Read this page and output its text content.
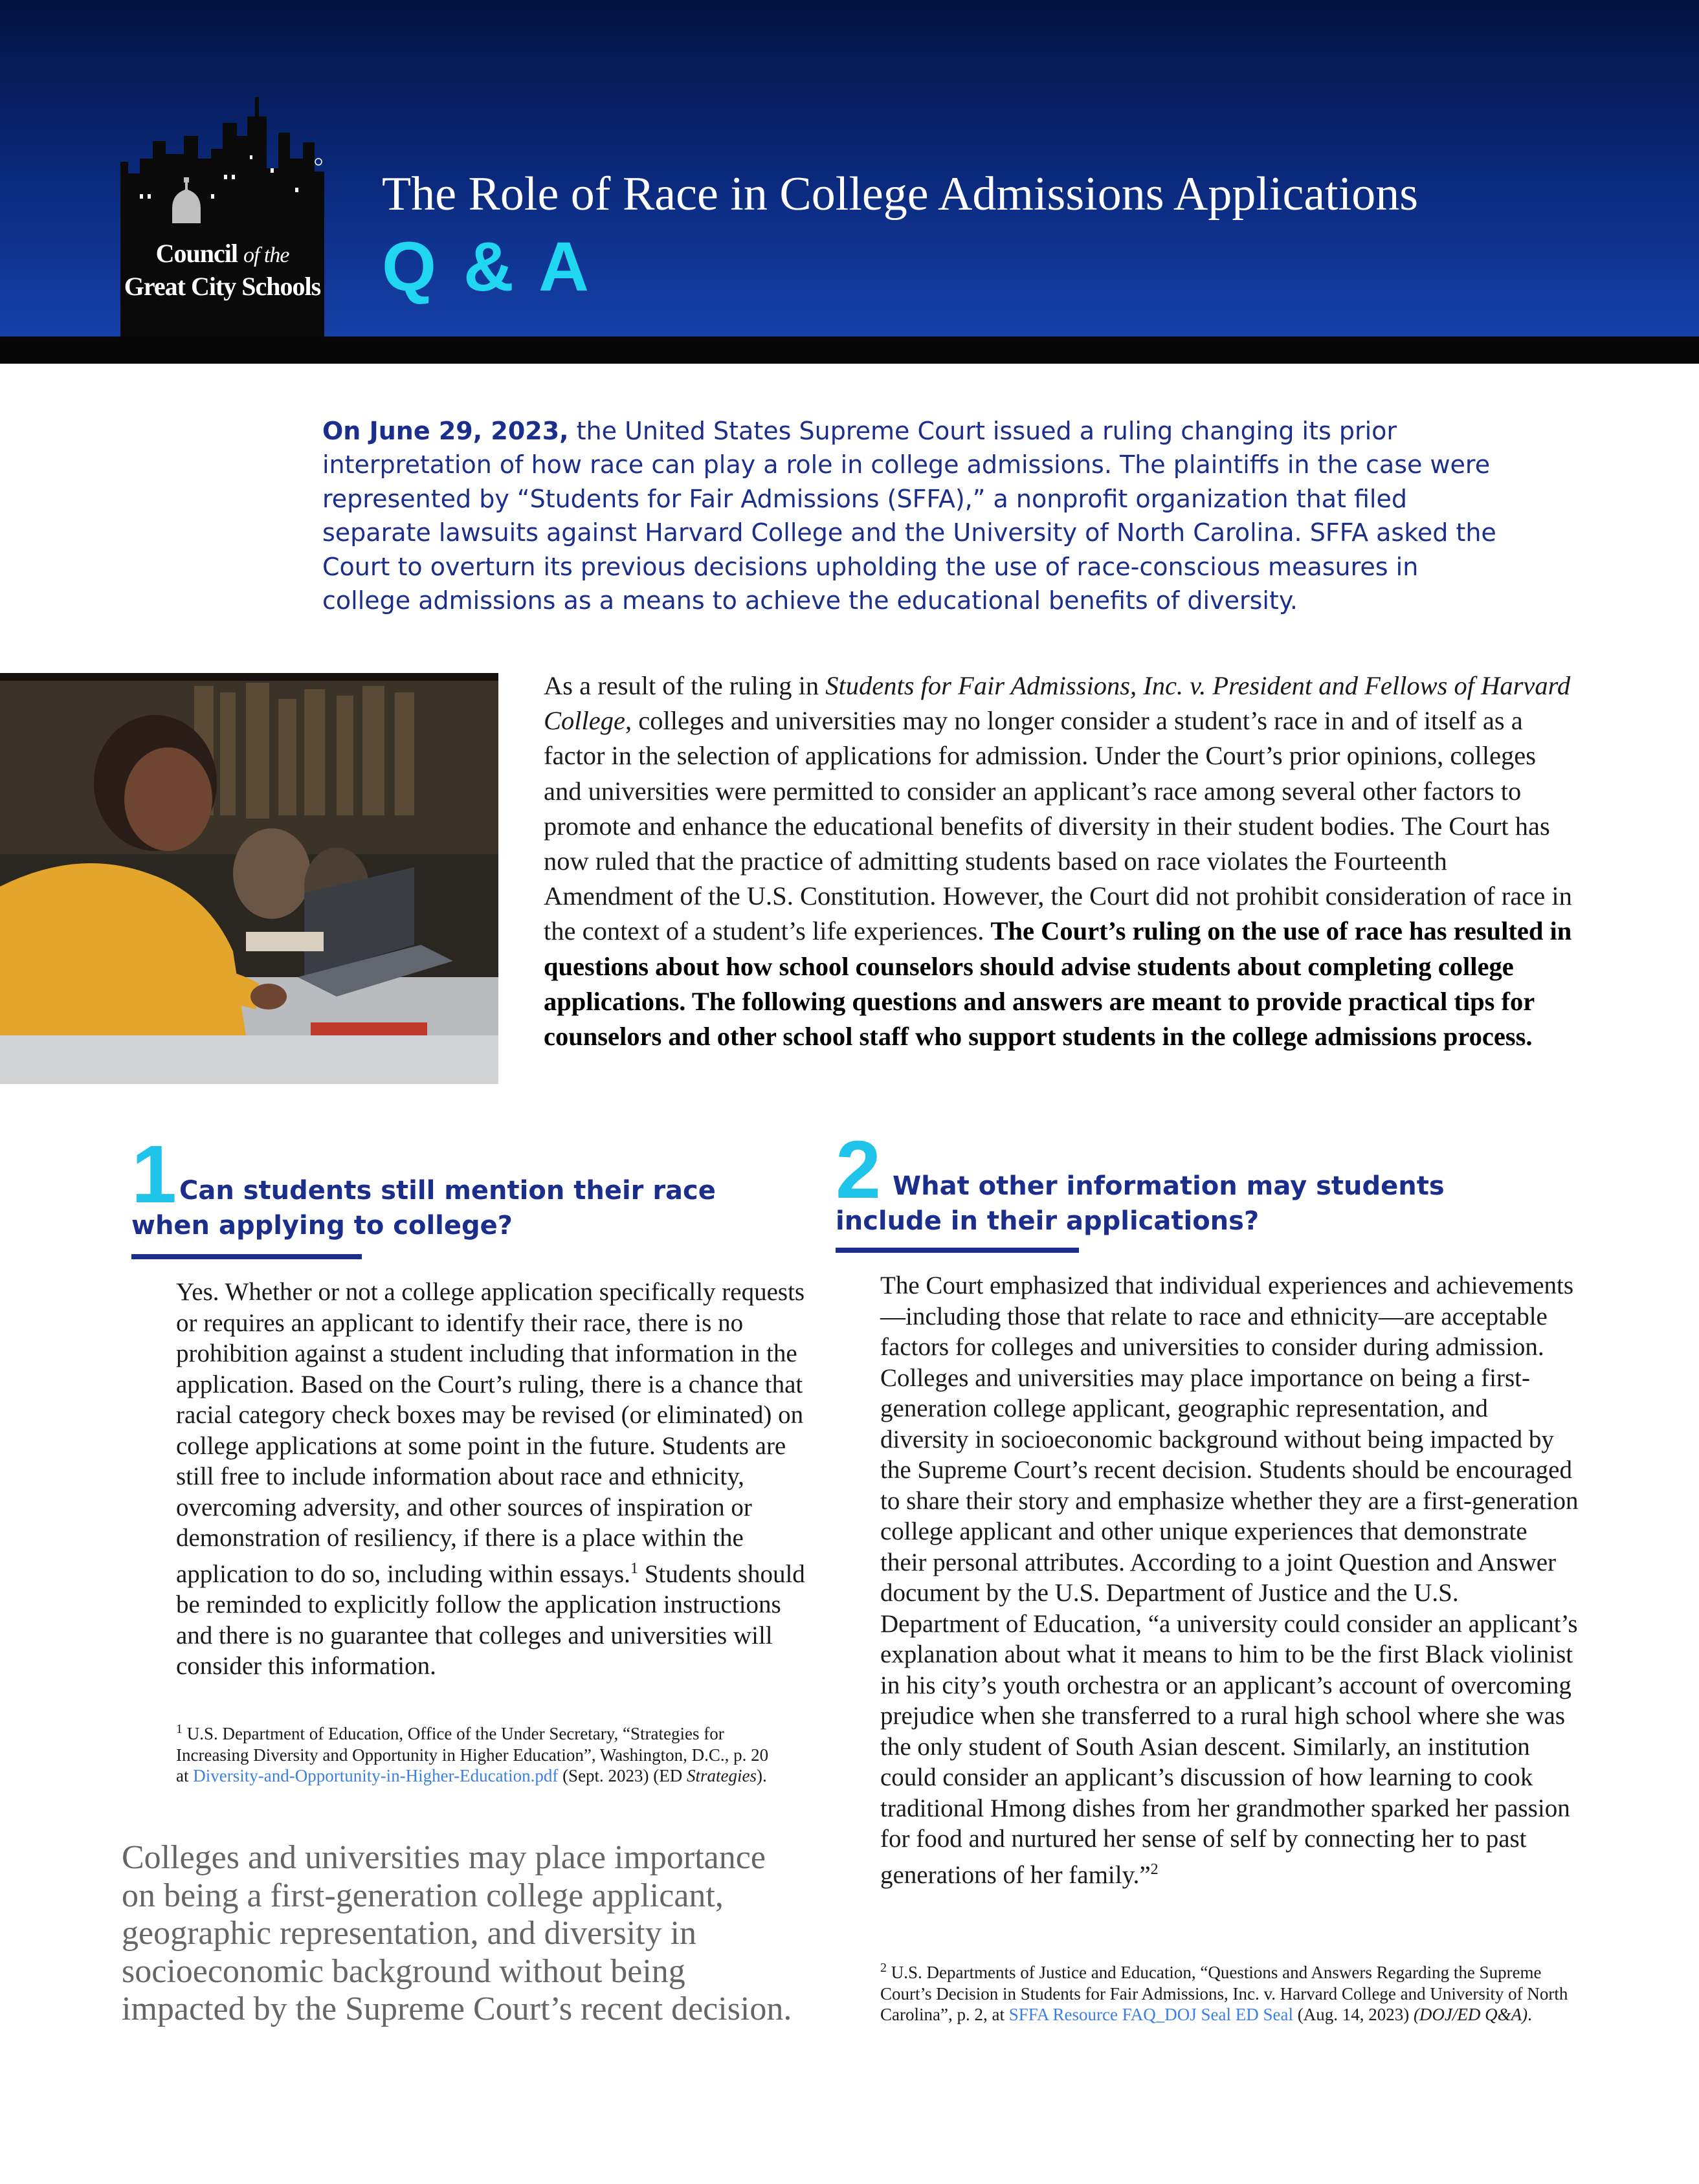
Council of the
Great City Schools
The Role of Race in College Admissions Applications
Q & A
On June 29, 2023, the United States Supreme Court issued a ruling changing its prior interpretation of how race can play a role in college admissions. The plaintiffs in the case were represented by “Students for Fair Admissions (SFFA),” a nonprofit organization that filed separate lawsuits against Harvard College and the University of North Carolina. SFFA asked the Court to overturn its previous decisions upholding the use of race-conscious measures in college admissions as a means to achieve the educational benefits of diversity.
As a result of the ruling in Students for Fair Admissions, Inc. v. President and Fellows of Harvard College, colleges and universities may no longer consider a student’s race in and of itself as a factor in the selection of applications for admission. Under the Court’s prior opinions, colleges and universities were permitted to consider an applicant’s race among several other factors to promote and enhance the educational benefits of diversity in their student bodies. The Court has now ruled that the practice of admitting students based on race violates the Fourteenth Amendment of the U.S. Constitution. However, the Court did not prohibit consideration of race in the context of a student’s life experiences. The Court’s ruling on the use of race has resulted in questions about how school counselors should advise students about completing college applications. The following questions and answers are meant to provide practical tips for counselors and other school staff who support students in the college admissions process.
1 Can students still mention their race when applying to college?
Yes. Whether or not a college application specifically requests or requires an applicant to identify their race, there is no prohibition against a student including that information in the application. Based on the Court’s ruling, there is a chance that racial category check boxes may be revised (or eliminated) on college applications at some point in the future. Students are still free to include information about race and ethnicity, overcoming adversity, and other sources of inspiration or demonstration of resiliency, if there is a place within the application to do so, including within essays.$^1$ Students should be reminded to explicitly follow the application instructions and there is no guarantee that colleges and universities will consider this information.
$^1$ U.S. Department of Education, Office of the Under Secretary, “Strategies for Increasing Diversity and Opportunity in Higher Education”, Washington, D.C., p. 20 at Diversity-and-Opportunity-in-Higher-Education.pdf (Sept. 2023) (ED Strategies).
Colleges and universities may place importance on being a first-generation college applicant, geographic representation, and diversity in socioeconomic background without being impacted by the Supreme Court’s recent decision.
2 What other information may students include in their applications?
The Court emphasized that individual experiences and achievements—including those that relate to race and ethnicity—are acceptable factors for colleges and universities to consider during admission. Colleges and universities may place importance on being a first-generation college applicant, geographic representation, and diversity in socioeconomic background without being impacted by the Supreme Court’s recent decision. Students should be encouraged to share their story and emphasize whether they are a first-generation college applicant and other unique experiences that demonstrate their personal attributes. According to a joint Question and Answer document by the U.S. Department of Justice and the U.S. Department of Education, “a university could consider an applicant’s explanation about what it means to him to be the first Black violinist in his city’s youth orchestra or an applicant’s account of overcoming prejudice when she transferred to a rural high school where she was the only student of South Asian descent. Similarly, an institution could consider an applicant’s discussion of how learning to cook traditional Hmong dishes from her grandmother sparked her passion for food and nurtured her sense of self by connecting her to past generations of her family.”$^2$
$^2$ U.S. Departments of Justice and Education, “Questions and Answers Regarding the Supreme Court’s Decision in Students for Fair Admissions, Inc. v. Harvard College and University of North Carolina”, p. 2, at SFFA Resource FAQ_DOJ Seal ED Seal (Aug. 14, 2023) (DOJ/ED Q&A).
